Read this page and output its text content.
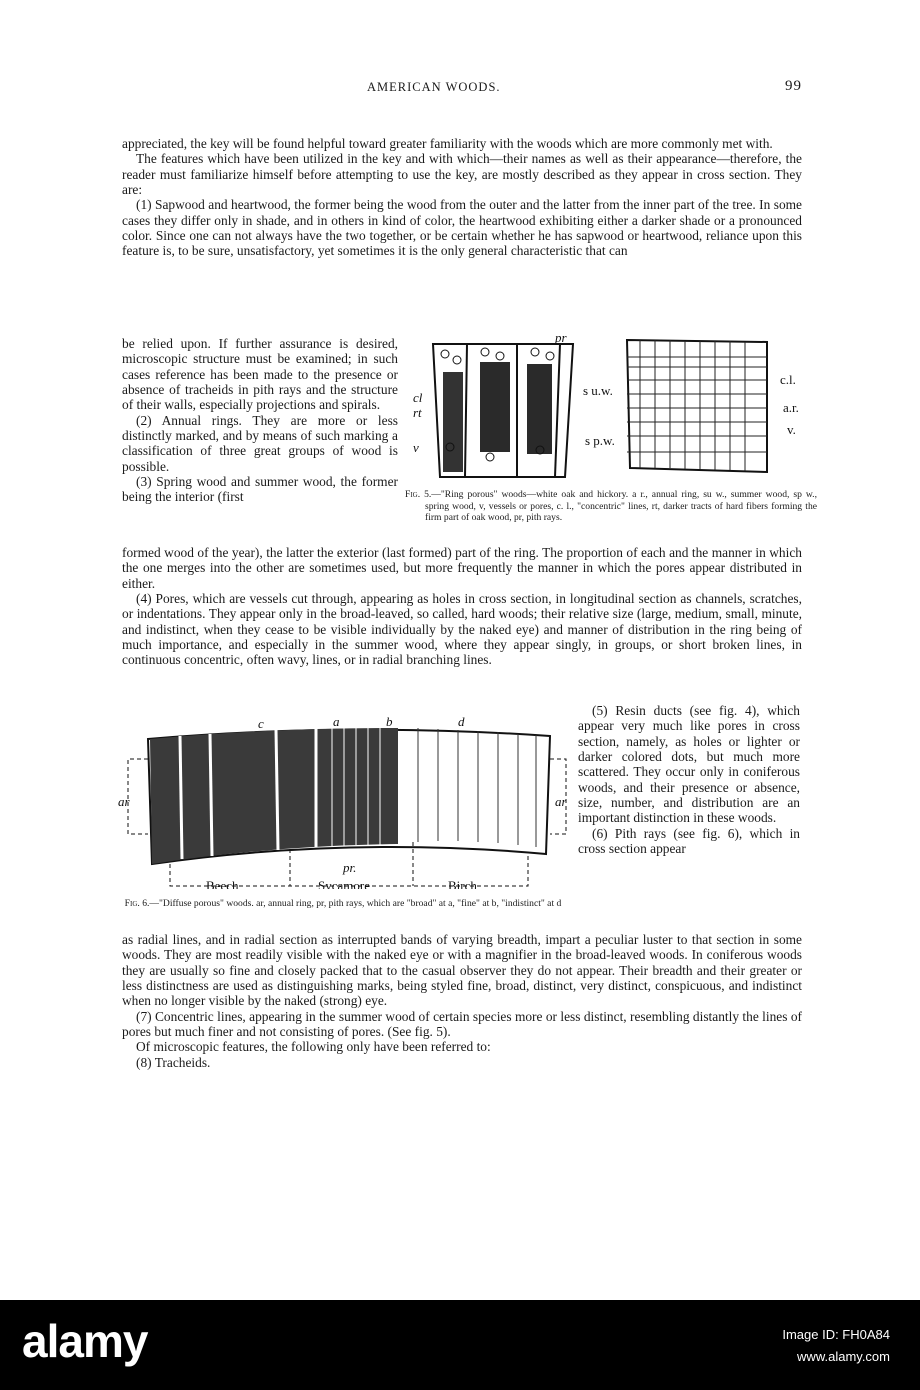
AMERICAN WOODS.	99

appreciated, the key will be found helpful toward greater familiarity with the woods which are more commonly met with.

The features which have been utilized in the key and with which—their names as well as their appearance—therefore, the reader must familiarize himself before attempting to use the key, are mostly described as they appear in cross section. They are:

(1) Sapwood and heartwood, the former being the wood from the outer and the latter from the inner part of the tree. In some cases they differ only in shade, and in others in kind of color, the heartwood exhibiting either a darker shade or a pronounced color. Since one can not always have the two together, or be certain whether he has sapwood or heartwood, reliance upon this feature is, to be sure, unsatisfactory, yet sometimes it is the only general characteristic that can

be relied upon. If further assurance is desired, microscopic structure must be examined; in such cases reference has been made to the presence or absence of tracheids in pith rays and the structure of their walls, especially projections and spirals.

(2) Annual rings. They are more or less distinctly marked, and by means of such marking a classification of three great groups of wood is possible.

(3) Spring wood and summer wood, the former being the interior (first

pr
cl
rt
v
s u.w.
s p.w.
c.l.
a.r.
v.
Fig. 5.—"Ring porous" woods—white oak and hickory. a r., annual ring, su w., summer wood, sp w., spring wood, v, vessels or pores, c. l., "concentric" lines, rt, darker tracts of hard fibers forming the firm part of oak wood, pr, pith rays.

formed wood of the year), the latter the exterior (last formed) part of the ring. The proportion of each and the manner in which the one merges into the other are sometimes used, but more frequently the manner in which the pores appear distributed in either.

(4) Pores, which are vessels cut through, appearing as holes in cross section, in longitudinal section as channels, scratches, or indentations. They appear only in the broad-leaved, so called, hard woods; their relative size (large, medium, small, minute, and indistinct, when they cease to be visible individually by the naked eye) and manner of distribution in the ring being of much importance, and especially in the summer wood, where they appear singly, in groups, or short broken lines, in continuous concentric, often wavy, lines, or in radial branching lines.

c	a	b	d
ar	ar
pr.
Beech	Sycamore	Birch
Fig. 6.—"Diffuse porous" woods. ar, annual ring, pr, pith rays, which are "broad" at a, "fine" at b, "indistinct" at d

(5) Resin ducts (see fig. 4), which appear very much like pores in cross section, namely, as holes or lighter or darker colored dots, but much more scattered. They occur only in coniferous woods, and their presence or absence, size, number, and distribution are an important distinction in these woods.

(6) Pith rays (see fig. 6), which in cross section appear

as radial lines, and in radial section as interrupted bands of varying breadth, impart a peculiar luster to that section in some woods. They are most readily visible with the naked eye or with a magnifier in the broad-leaved woods. In coniferous woods they are usually so fine and closely packed that to the casual observer they do not appear. Their breadth and their greater or less distinctness are used as distinguishing marks, being styled fine, broad, distinct, very distinct, conspicuous, and indistinct when no longer visible by the naked (strong) eye.

(7) Concentric lines, appearing in the summer wood of certain species more or less distinct, resembling distantly the lines of pores but much finer and not consisting of pores. (See fig. 5).

Of microscopic features, the following only have been referred to:

(8) Tracheids.

alamy	Image ID: FH0A84
www.alamy.com
